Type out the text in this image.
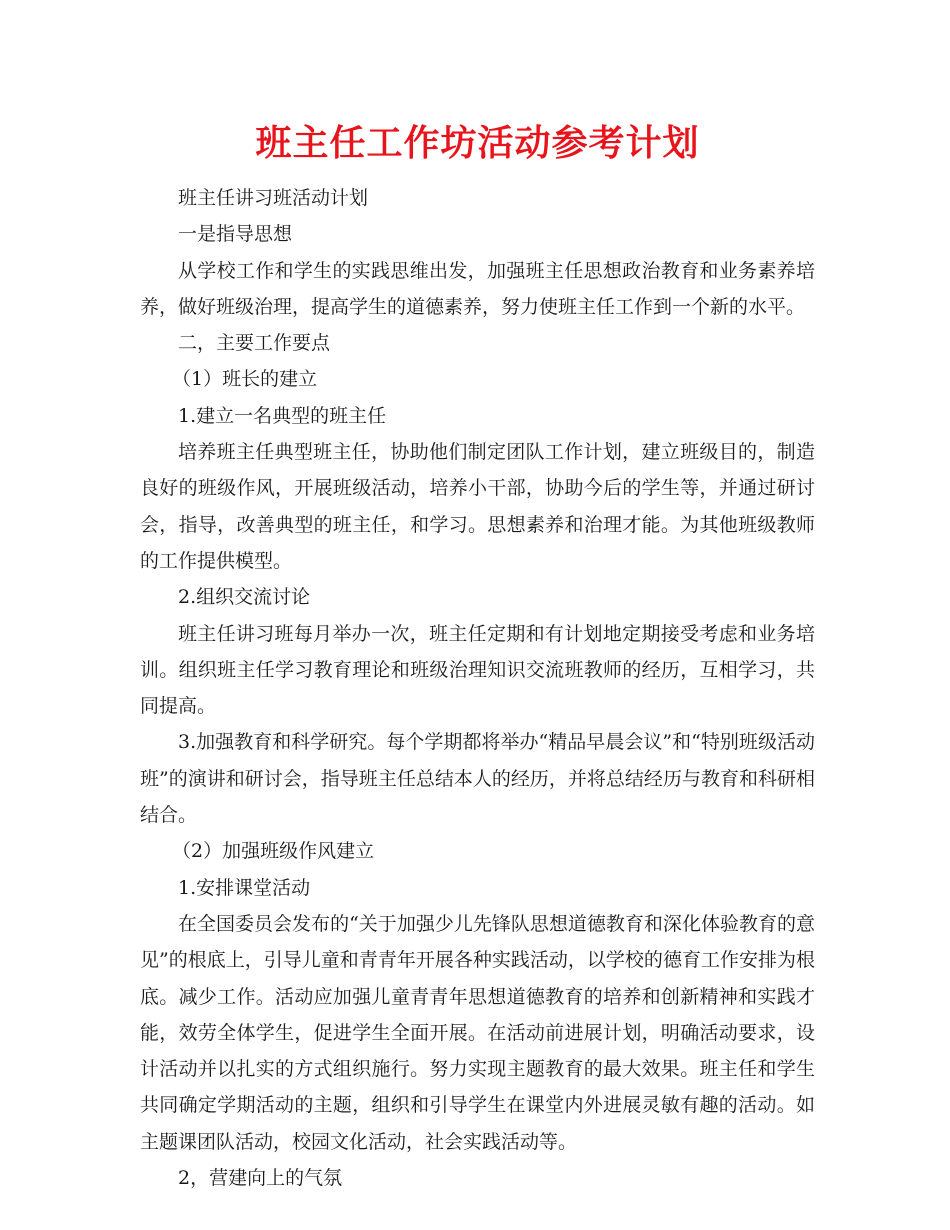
班主任工作坊活动参考计划

班主任讲习班活动计划

一是指导思想

从学校工作和学生的实践思维出发，加强班主任思想政治教育和业务素养培养，做好班级治理，提高学生的道德素养，努力使班主任工作到一个新的水平。

二，主要工作要点

（1）班长的建立

1.建立一名典型的班主任

培养班主任典型班主任，协助他们制定团队工作计划，建立班级目的，制造良好的班级作风，开展班级活动，培养小干部，协助今后的学生等，并通过研讨会，指导，改善典型的班主任，和学习。思想素养和治理才能。为其他班级教师的工作提供模型。

2.组织交流讨论

班主任讲习班每月举办一次，班主任定期和有计划地定期接受考虑和业务培训。组织班主任学习教育理论和班级治理知识交流班教师的经历，互相学习，共同提高。

3.加强教育和科学研究。每个学期都将举办“精品早晨会议”和“特别班级活动班”的演讲和研讨会，指导班主任总结本人的经历，并将总结经历与教育和科研相结合。

（2）加强班级作风建立

1.安排课堂活动

在全国委员会发布的“关于加强少儿先锋队思想道德教育和深化体验教育的意见”的根底上，引导儿童和青青年开展各种实践活动，以学校的德育工作安排为根底。减少工作。活动应加强儿童青青年思想道德教育的培养和创新精神和实践才能，效劳全体学生，促进学生全面开展。在活动前进展计划，明确活动要求，设计活动并以扎实的方式组织施行。努力实现主题教育的最大效果。班主任和学生共同确定学期活动的主题，组织和引导学生在课堂内外进展灵敏有趣的活动。如主题课团队活动，校园文化活动，社会实践活动等。

2，营建向上的气氛
